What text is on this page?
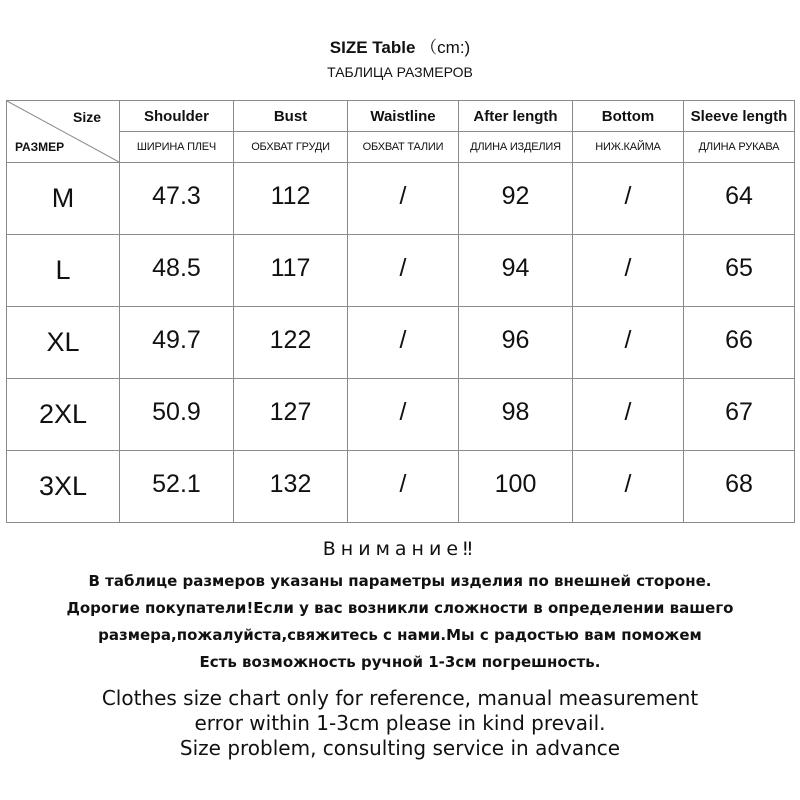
SIZE Table （cm:)
ТАБЛИЦА РАЗМЕРОВ
Size
РАЗМЕР	Shoulder	Bust	Waistline	After length	Bottom	Sleeve length
	ШИРИНА ПЛЕЧ	ОБХВАТ ГРУДИ	ОБХВАТ ТАЛИИ	ДЛИНА ИЗДЕЛИЯ	НИЖ.КАЙМА	ДЛИНА РУКАВА
M	47.3	112	/	92	/	64
L	48.5	117	/	94	/	65
XL	49.7	122	/	96	/	66
2XL	50.9	127	/	98	/	67
3XL	52.1	132	/	100	/	68
Внимание‼
В таблице размеров указаны параметры изделия по внешней стороне.
Дорогие покупатели!Если у вас возникли сложности в определении вашего
размера,пожалуйста,свяжитесь с нами.Мы с радостью вам поможем
Есть возможность ручной 1-3см погрешность.
Clothes size chart only for reference, manual measurement
error within 1-3cm please in kind prevail.
Size problem, consulting service in advance
